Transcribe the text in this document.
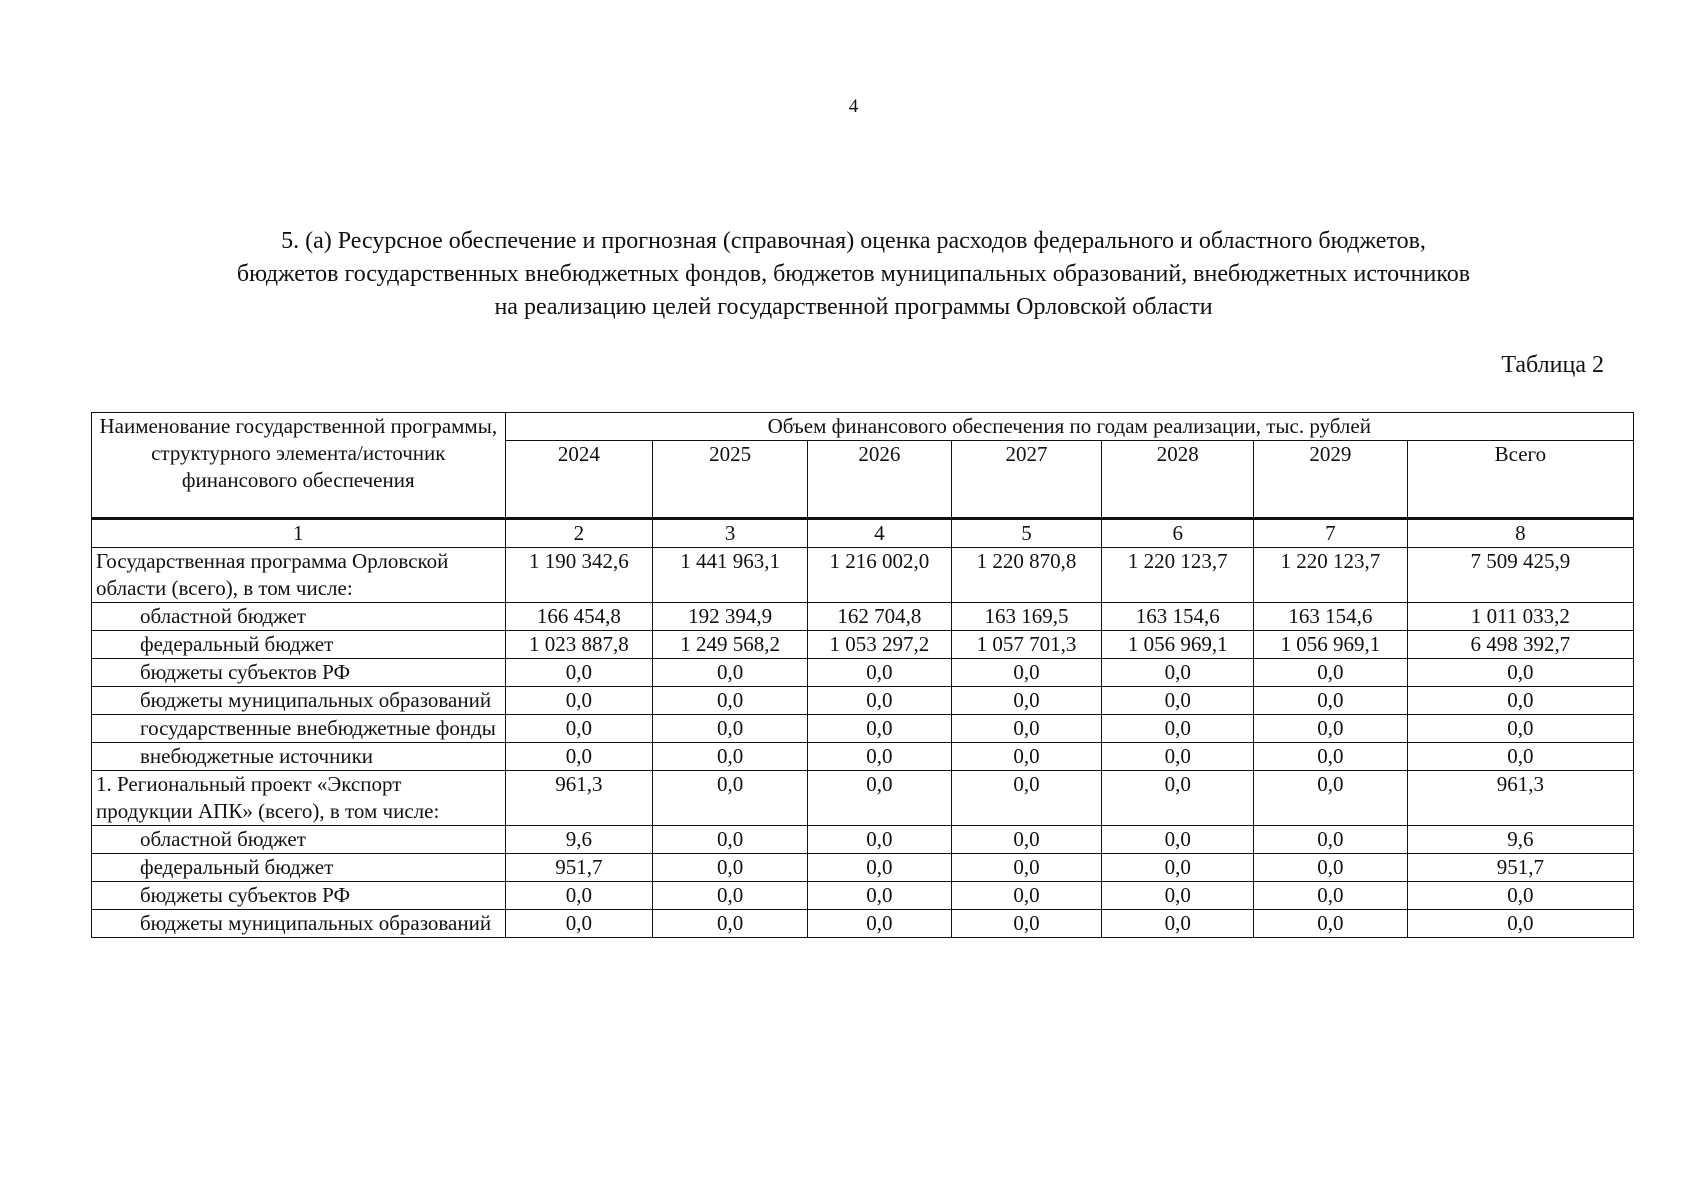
4
5. (а) Ресурсное обеспечение и прогнозная (справочная) оценка расходов федерального и областного бюджетов,
бюджетов государственных внебюджетных фондов, бюджетов муниципальных образований, внебюджетных источников
на реализацию целей государственной программы Орловской области
Таблица 2
Наименование государственной программы, структурного элемента/источник финансового обеспечения	Объем финансового обеспечения по годам реализации, тыс. рублей						
	2024	2025	2026	2027	2028	2029	Всего
1	2	3	4	5	6	7	8
Государственная программа Орловской области (всего), в том числе:	1 190 342,6	1 441 963,1	1 216 002,0	1 220 870,8	1 220 123,7	1 220 123,7	7 509 425,9
областной бюджет	166 454,8	192 394,9	162 704,8	163 169,5	163 154,6	163 154,6	1 011 033,2
федеральный бюджет	1 023 887,8	1 249 568,2	1 053 297,2	1 057 701,3	1 056 969,1	1 056 969,1	6 498 392,7
бюджеты субъектов РФ	0,0	0,0	0,0	0,0	0,0	0,0	0,0
бюджеты муниципальных образований	0,0	0,0	0,0	0,0	0,0	0,0	0,0
государственные внебюджетные фонды	0,0	0,0	0,0	0,0	0,0	0,0	0,0
внебюджетные источники	0,0	0,0	0,0	0,0	0,0	0,0	0,0
1. Региональный проект «Экспорт продукции АПК» (всего), в том числе:	961,3	0,0	0,0	0,0	0,0	0,0	961,3
областной бюджет	9,6	0,0	0,0	0,0	0,0	0,0	9,6
федеральный бюджет	951,7	0,0	0,0	0,0	0,0	0,0	951,7
бюджеты субъектов РФ	0,0	0,0	0,0	0,0	0,0	0,0	0,0
бюджеты муниципальных образований	0,0	0,0	0,0	0,0	0,0	0,0	0,0
